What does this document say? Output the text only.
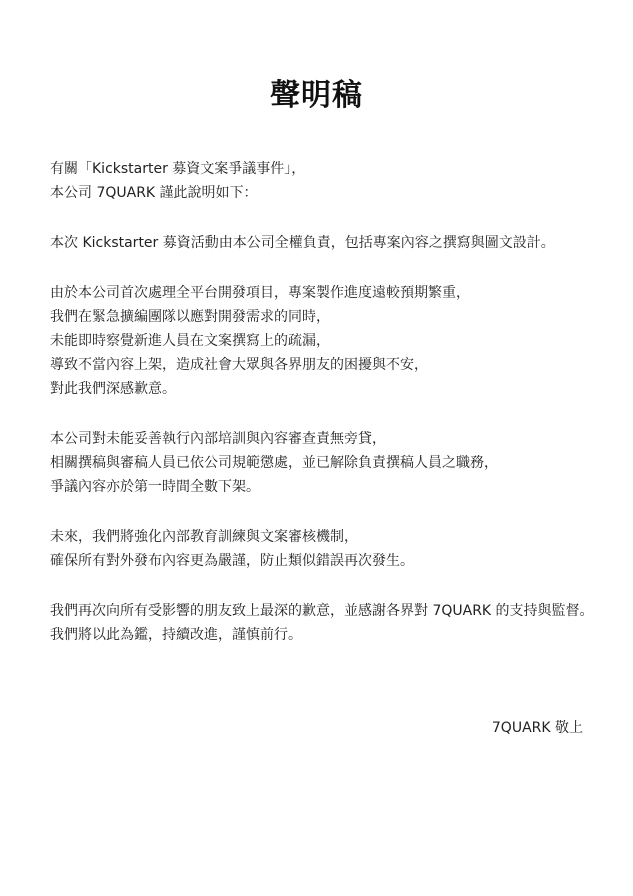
聲明稿
有關「Kickstarter 募資文案爭議事件」，
本公司 7QUARK 謹此說明如下：
本次 Kickstarter 募資活動由本公司全權負責，包括專案內容之撰寫與圖文設計。
由於本公司首次處理全平台開發項目，專案製作進度遠較預期繁重，
我們在緊急擴編團隊以應對開發需求的同時，
未能即時察覺新進人員在文案撰寫上的疏漏，
導致不當內容上架，造成社會大眾與各界朋友的困擾與不安，
對此我們深感歉意。
本公司對未能妥善執行內部培訓與內容審查責無旁貸，
相關撰稿與審稿人員已依公司規範懲處，並已解除負責撰稿人員之職務，
爭議內容亦於第一時間全數下架。
未來，我們將強化內部教育訓練與文案審核機制，
確保所有對外發布內容更為嚴謹，防止類似錯誤再次發生。
我們再次向所有受影響的朋友致上最深的歉意，並感謝各界對 7QUARK 的支持與監督。
我們將以此為鑑，持續改進，謹慎前行。
7QUARK 敬上
